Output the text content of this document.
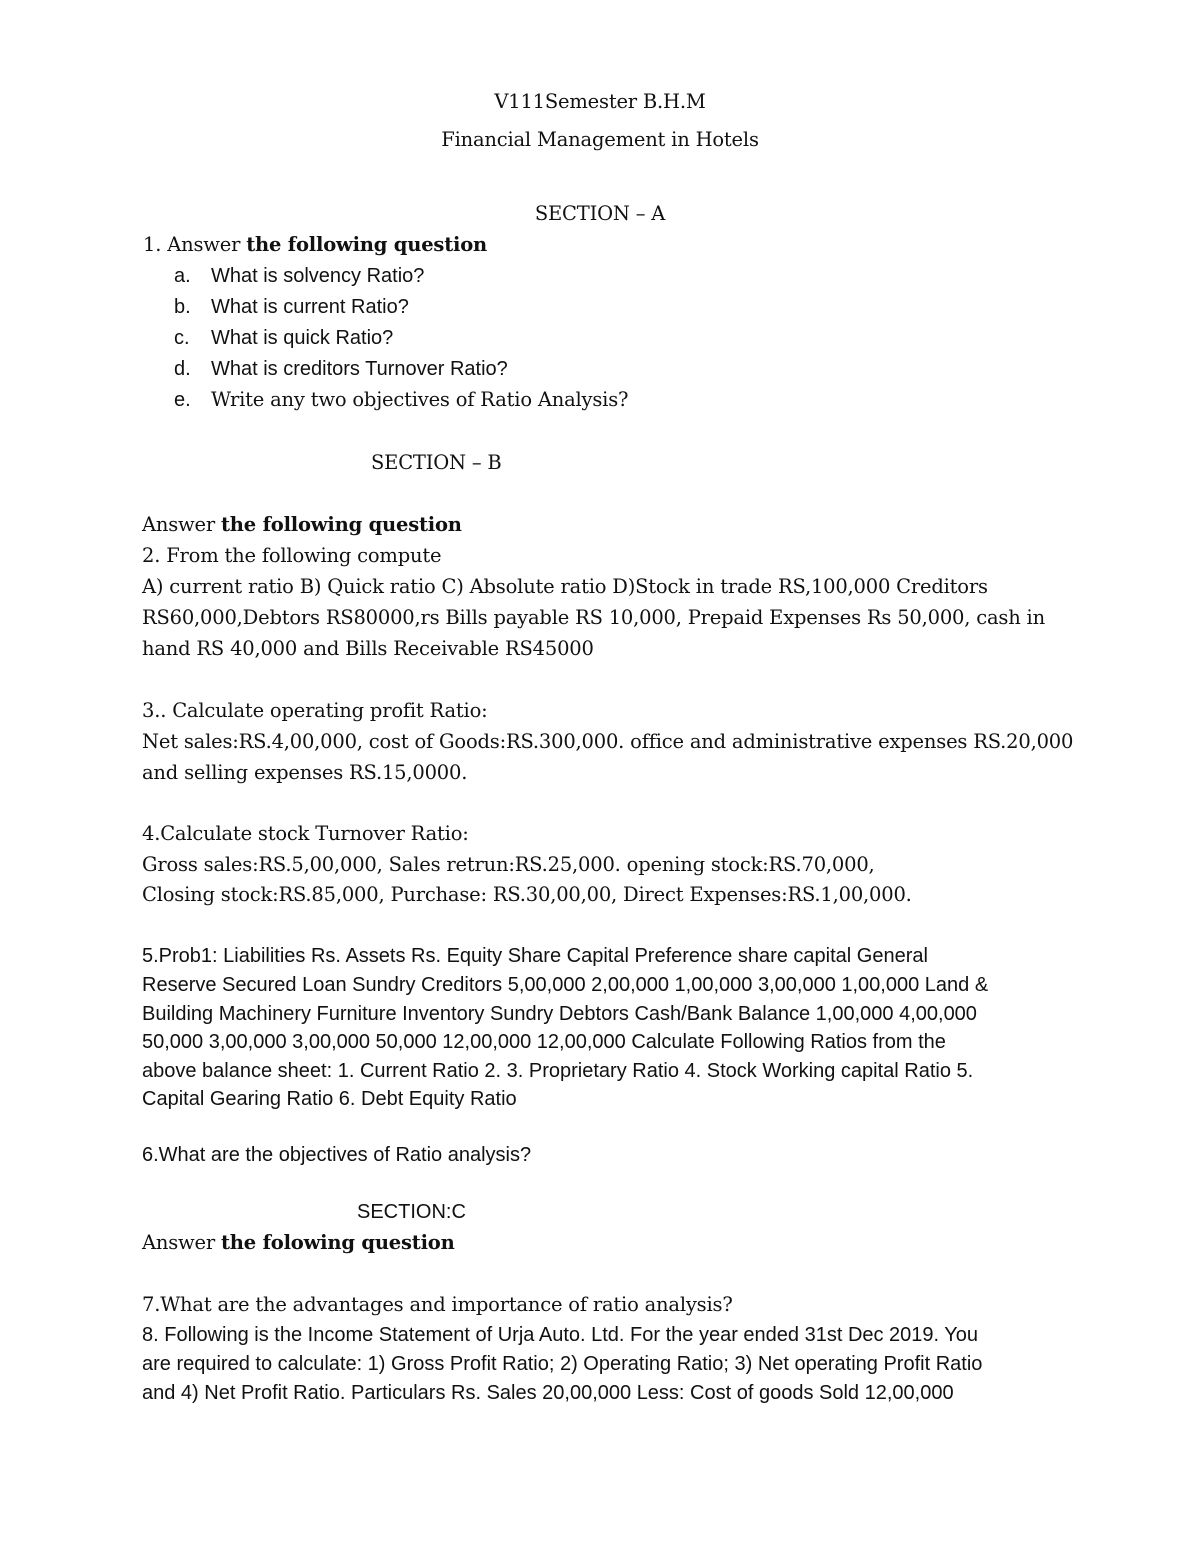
V111Semester B.H.M
Financial Management in Hotels
SECTION – A
1. Answer the following question
a. What is solvency Ratio?
b. What is current Ratio?
c. What is quick Ratio?
d. What is creditors Turnover Ratio?
e. Write any two objectives of Ratio Analysis?
SECTION – B
Answer the following question
2. From the following compute
A) current ratio B) Quick ratio C) Absolute ratio D)Stock in trade RS,100,000 Creditors
RS60,000,Debtors RS80000,rs Bills payable RS 10,000, Prepaid Expenses Rs 50,000, cash in
hand RS 40,000 and Bills Receivable RS45000
3.. Calculate operating profit Ratio:
Net sales:RS.4,00,000, cost of Goods:RS.300,000. office and administrative expenses RS.20,000
and selling expenses RS.15,0000.
4.Calculate stock Turnover Ratio:
Gross sales:RS.5,00,000, Sales retrun:RS.25,000. opening stock:RS.70,000,
Closing stock:RS.85,000, Purchase: RS.30,00,00, Direct Expenses:RS.1,00,000.
5.Prob1: Liabilities Rs. Assets Rs. Equity Share Capital Preference share capital General
Reserve Secured Loan Sundry Creditors 5,00,000 2,00,000 1,00,000 3,00,000 1,00,000 Land &
Building Machinery Furniture Inventory Sundry Debtors Cash/Bank Balance 1,00,000 4,00,000
50,000 3,00,000 3,00,000 50,000 12,00,000 12,00,000 Calculate Following Ratios from the
above balance sheet: 1. Current Ratio 2. 3. Proprietary Ratio 4. Stock Working capital Ratio 5.
Capital Gearing Ratio 6. Debt Equity Ratio
6.What are the objectives of Ratio analysis?
SECTION:C
Answer the folowing question
7.What are the advantages and importance of ratio analysis?
8. Following is the Income Statement of Urja Auto. Ltd. For the year ended 31st Dec 2019. You
are required to calculate: 1) Gross Profit Ratio; 2) Operating Ratio; 3) Net operating Profit Ratio
and 4) Net Profit Ratio. Particulars Rs. Sales 20,00,000 Less: Cost of goods Sold 12,00,000
